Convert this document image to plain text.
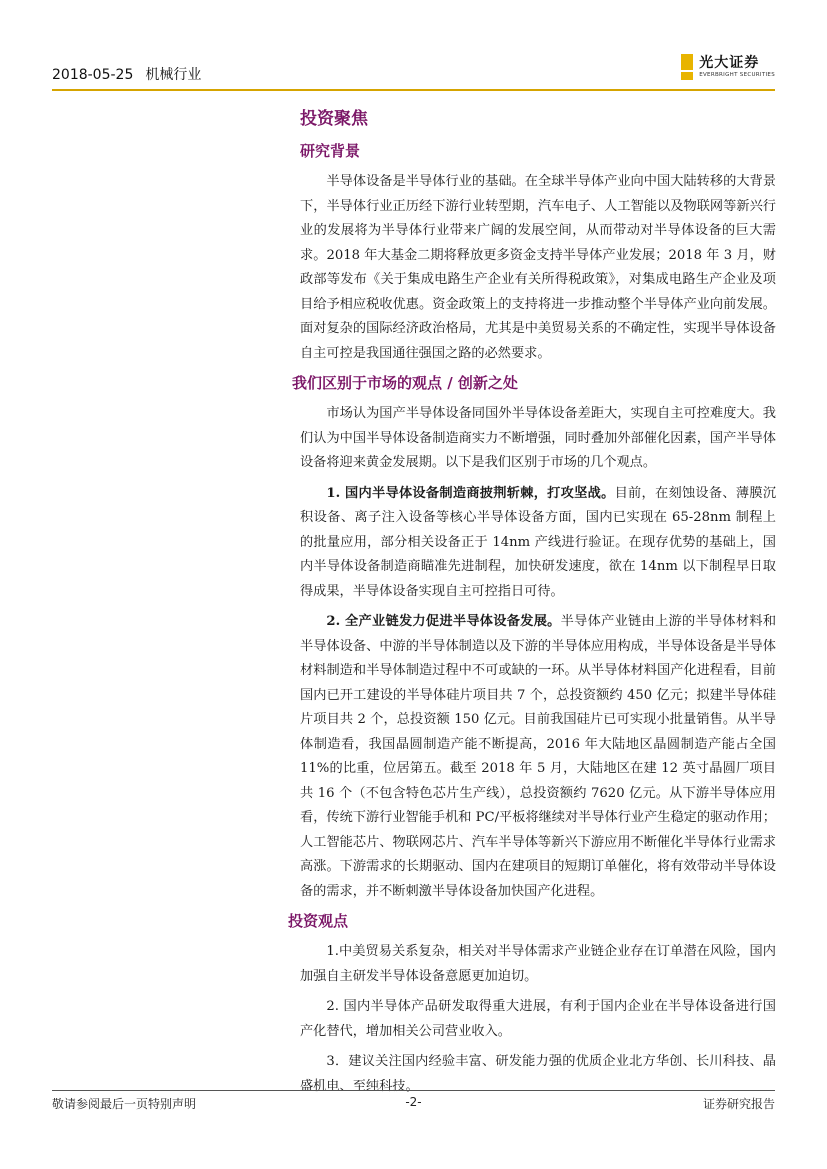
2018-05-25 机械行业
光大证券
EVERBRIGHT SECURITIES
投资聚焦
研究背景

半导体设备是半导体行业的基础。在全球半导体产业向中国大陆转移的大背景下，半导体行业正历经下游行业转型期，汽车电子、人工智能以及物联网等新兴行业的发展将为半导体行业带来广阔的发展空间，从而带动对半导体设备的巨大需求。2018 年大基金二期将释放更多资金支持半导体产业发展；2018 年 3 月，财政部等发布《关于集成电路生产企业有关所得税政策》，对集成电路生产企业及项目给予相应税收优惠。资金政策上的支持将进一步推动整个半导体产业向前发展。面对复杂的国际经济政治格局，尤其是中美贸易关系的不确定性，实现半导体设备自主可控是我国通往强国之路的必然要求。

我们区别于市场的观点 / 创新之处

市场认为国产半导体设备同国外半导体设备差距大，实现自主可控难度大。我们认为中国半导体设备制造商实力不断增强，同时叠加外部催化因素，国产半导体设备将迎来黄金发展期。以下是我们区别于市场的几个观点。

1. 国内半导体设备制造商披荆斩棘，打攻坚战。目前，在刻蚀设备、薄膜沉积设备、离子注入设备等核心半导体设备方面，国内已实现在 65-28nm 制程上的批量应用，部分相关设备正于 14nm 产线进行验证。在现存优势的基础上，国内半导体设备制造商瞄准先进制程，加快研发速度，欲在 14nm 以下制程早日取得成果，半导体设备实现自主可控指日可待。

2. 全产业链发力促进半导体设备发展。半导体产业链由上游的半导体材料和半导体设备、中游的半导体制造以及下游的半导体应用构成，半导体设备是半导体材料制造和半导体制造过程中不可或缺的一环。从半导体材料国产化进程看，目前国内已开工建设的半导体硅片项目共 7 个，总投资额约 450 亿元；拟建半导体硅片项目共 2 个，总投资额 150 亿元。目前我国硅片已可实现小批量销售。从半导体制造看，我国晶圆制造产能不断提高，2016 年大陆地区晶圆制造产能占全国 11%的比重，位居第五。截至 2018 年 5 月，大陆地区在建 12 英寸晶圆厂项目共 16 个（不包含特色芯片生产线），总投资额约 7620 亿元。从下游半导体应用看，传统下游行业智能手机和 PC/平板将继续对半导体行业产生稳定的驱动作用；人工智能芯片、物联网芯片、汽车半导体等新兴下游应用不断催化半导体行业需求高涨。下游需求的长期驱动、国内在建项目的短期订单催化，将有效带动半导体设备的需求，并不断刺激半导体设备加快国产化进程。

投资观点

1.中美贸易关系复杂，相关对半导体需求产业链企业存在订单潜在风险，国内加强自主研发半导体设备意愿更加迫切。

2. 国内半导体产品研发取得重大进展，有利于国内企业在半导体设备进行国产化替代，增加相关公司营业收入。

3．建议关注国内经验丰富、研发能力强的优质企业北方华创、长川科技、晶盛机电、至纯科技。

敬请参阅最后一页特别声明	-2-	证券研究报告
